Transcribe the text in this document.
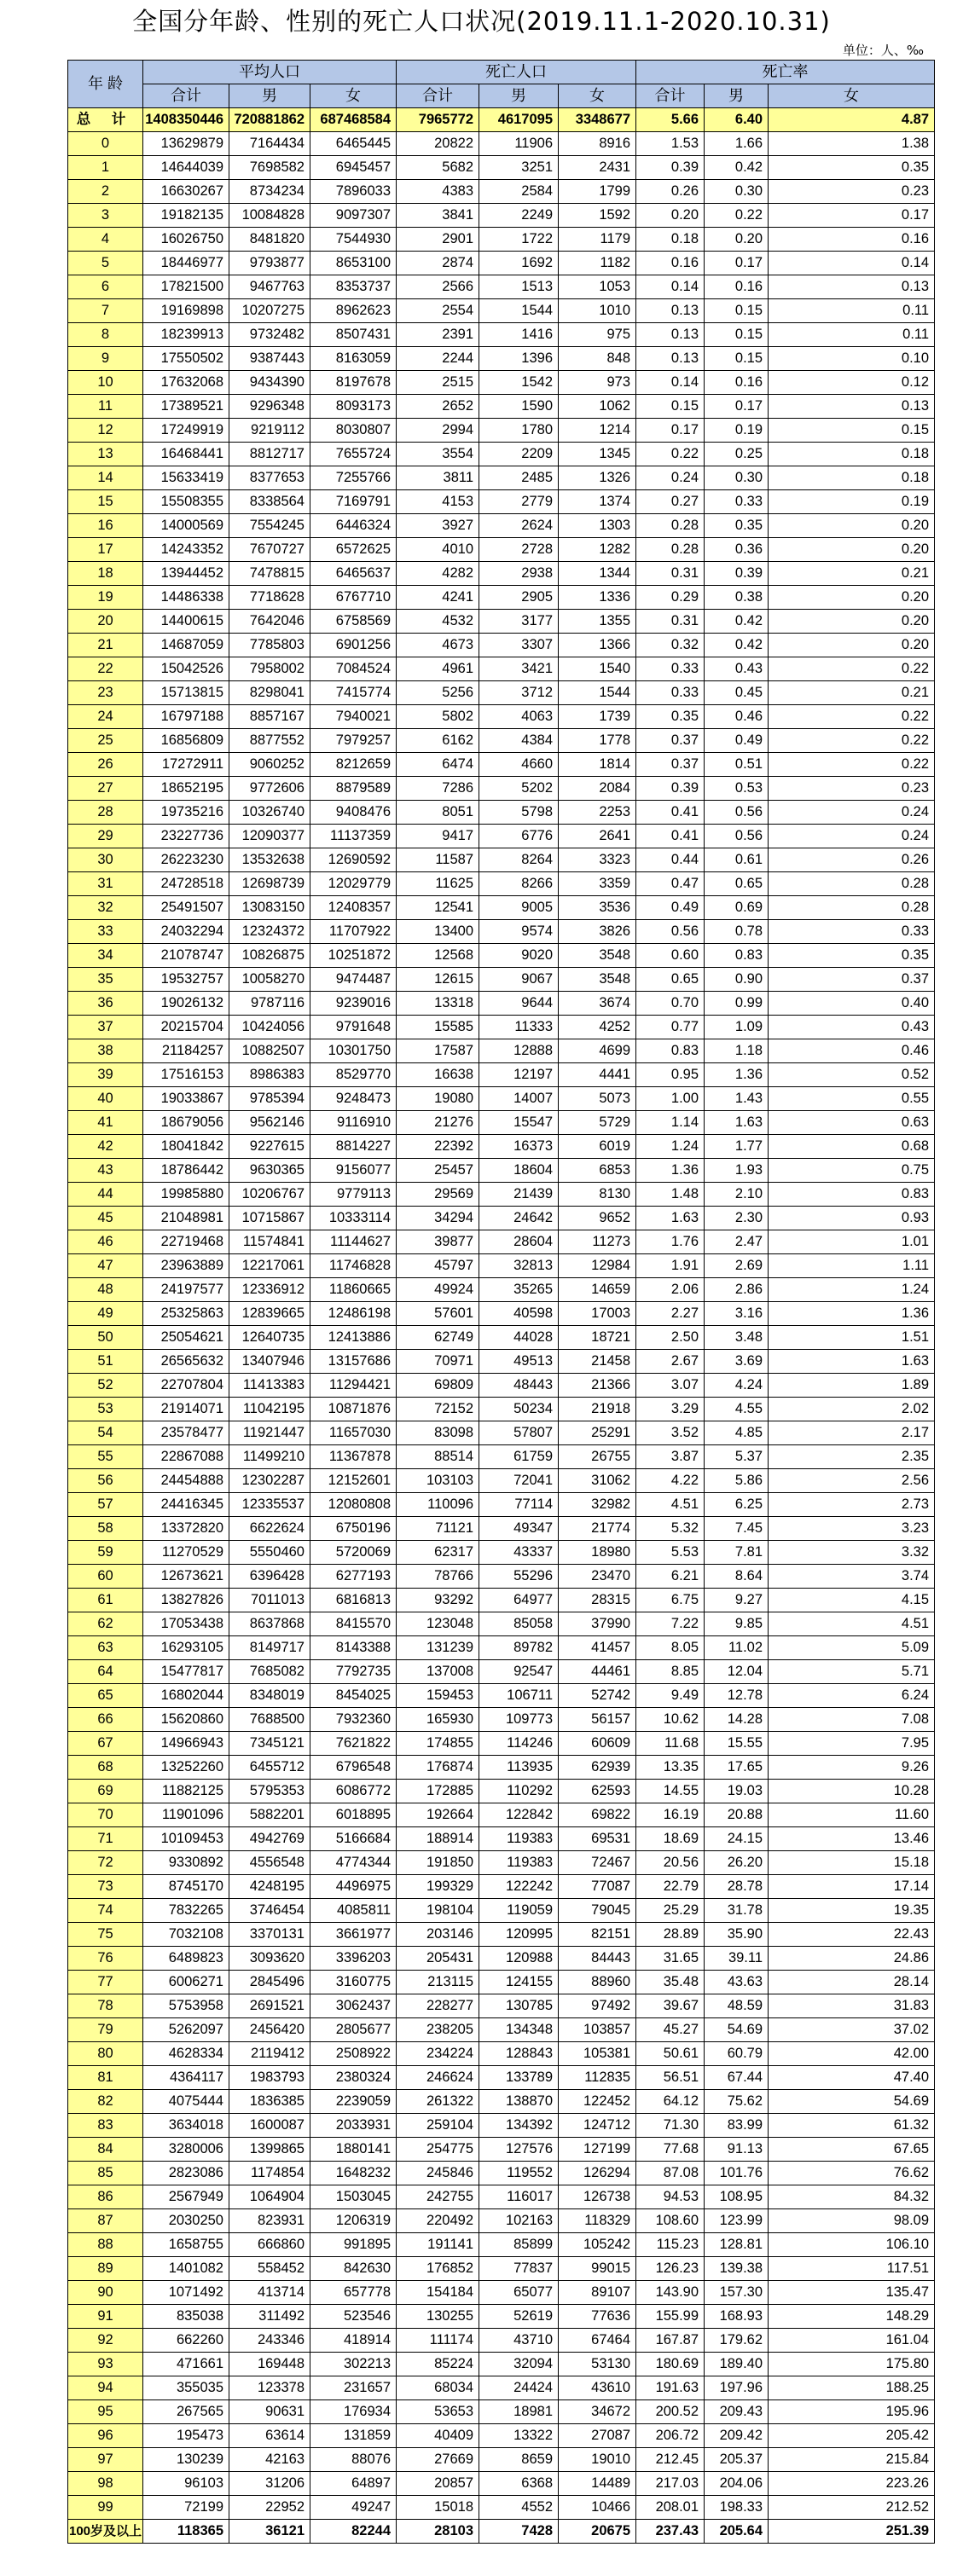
全国分年龄、性别的死亡人口状况(2019.11.1-2020.10.31)
单位：人、‰
年 龄	平均人口			死亡人口			死亡率		
	合计	男	女	合计	男	女	合计	男	女
总 计	1408350446	720881862	687468584	7965772	4617095	3348677	5.66	6.40	4.87
0	13629879	7164434	6465445	20822	11906	8916	1.53	1.66	1.38
1	14644039	7698582	6945457	5682	3251	2431	0.39	0.42	0.35
2	16630267	8734234	7896033	4383	2584	1799	0.26	0.30	0.23
3	19182135	10084828	9097307	3841	2249	1592	0.20	0.22	0.17
4	16026750	8481820	7544930	2901	1722	1179	0.18	0.20	0.16
5	18446977	9793877	8653100	2874	1692	1182	0.16	0.17	0.14
6	17821500	9467763	8353737	2566	1513	1053	0.14	0.16	0.13
7	19169898	10207275	8962623	2554	1544	1010	0.13	0.15	0.11
8	18239913	9732482	8507431	2391	1416	975	0.13	0.15	0.11
9	17550502	9387443	8163059	2244	1396	848	0.13	0.15	0.10
10	17632068	9434390	8197678	2515	1542	973	0.14	0.16	0.12
11	17389521	9296348	8093173	2652	1590	1062	0.15	0.17	0.13
12	17249919	9219112	8030807	2994	1780	1214	0.17	0.19	0.15
13	16468441	8812717	7655724	3554	2209	1345	0.22	0.25	0.18
14	15633419	8377653	7255766	3811	2485	1326	0.24	0.30	0.18
15	15508355	8338564	7169791	4153	2779	1374	0.27	0.33	0.19
16	14000569	7554245	6446324	3927	2624	1303	0.28	0.35	0.20
17	14243352	7670727	6572625	4010	2728	1282	0.28	0.36	0.20
18	13944452	7478815	6465637	4282	2938	1344	0.31	0.39	0.21
19	14486338	7718628	6767710	4241	2905	1336	0.29	0.38	0.20
20	14400615	7642046	6758569	4532	3177	1355	0.31	0.42	0.20
21	14687059	7785803	6901256	4673	3307	1366	0.32	0.42	0.20
22	15042526	7958002	7084524	4961	3421	1540	0.33	0.43	0.22
23	15713815	8298041	7415774	5256	3712	1544	0.33	0.45	0.21
24	16797188	8857167	7940021	5802	4063	1739	0.35	0.46	0.22
25	16856809	8877552	7979257	6162	4384	1778	0.37	0.49	0.22
26	17272911	9060252	8212659	6474	4660	1814	0.37	0.51	0.22
27	18652195	9772606	8879589	7286	5202	2084	0.39	0.53	0.23
28	19735216	10326740	9408476	8051	5798	2253	0.41	0.56	0.24
29	23227736	12090377	11137359	9417	6776	2641	0.41	0.56	0.24
30	26223230	13532638	12690592	11587	8264	3323	0.44	0.61	0.26
31	24728518	12698739	12029779	11625	8266	3359	0.47	0.65	0.28
32	25491507	13083150	12408357	12541	9005	3536	0.49	0.69	0.28
33	24032294	12324372	11707922	13400	9574	3826	0.56	0.78	0.33
34	21078747	10826875	10251872	12568	9020	3548	0.60	0.83	0.35
35	19532757	10058270	9474487	12615	9067	3548	0.65	0.90	0.37
36	19026132	9787116	9239016	13318	9644	3674	0.70	0.99	0.40
37	20215704	10424056	9791648	15585	11333	4252	0.77	1.09	0.43
38	21184257	10882507	10301750	17587	12888	4699	0.83	1.18	0.46
39	17516153	8986383	8529770	16638	12197	4441	0.95	1.36	0.52
40	19033867	9785394	9248473	19080	14007	5073	1.00	1.43	0.55
41	18679056	9562146	9116910	21276	15547	5729	1.14	1.63	0.63
42	18041842	9227615	8814227	22392	16373	6019	1.24	1.77	0.68
43	18786442	9630365	9156077	25457	18604	6853	1.36	1.93	0.75
44	19985880	10206767	9779113	29569	21439	8130	1.48	2.10	0.83
45	21048981	10715867	10333114	34294	24642	9652	1.63	2.30	0.93
46	22719468	11574841	11144627	39877	28604	11273	1.76	2.47	1.01
47	23963889	12217061	11746828	45797	32813	12984	1.91	2.69	1.11
48	24197577	12336912	11860665	49924	35265	14659	2.06	2.86	1.24
49	25325863	12839665	12486198	57601	40598	17003	2.27	3.16	1.36
50	25054621	12640735	12413886	62749	44028	18721	2.50	3.48	1.51
51	26565632	13407946	13157686	70971	49513	21458	2.67	3.69	1.63
52	22707804	11413383	11294421	69809	48443	21366	3.07	4.24	1.89
53	21914071	11042195	10871876	72152	50234	21918	3.29	4.55	2.02
54	23578477	11921447	11657030	83098	57807	25291	3.52	4.85	2.17
55	22867088	11499210	11367878	88514	61759	26755	3.87	5.37	2.35
56	24454888	12302287	12152601	103103	72041	31062	4.22	5.86	2.56
57	24416345	12335537	12080808	110096	77114	32982	4.51	6.25	2.73
58	13372820	6622624	6750196	71121	49347	21774	5.32	7.45	3.23
59	11270529	5550460	5720069	62317	43337	18980	5.53	7.81	3.32
60	12673621	6396428	6277193	78766	55296	23470	6.21	8.64	3.74
61	13827826	7011013	6816813	93292	64977	28315	6.75	9.27	4.15
62	17053438	8637868	8415570	123048	85058	37990	7.22	9.85	4.51
63	16293105	8149717	8143388	131239	89782	41457	8.05	11.02	5.09
64	15477817	7685082	7792735	137008	92547	44461	8.85	12.04	5.71
65	16802044	8348019	8454025	159453	106711	52742	9.49	12.78	6.24
66	15620860	7688500	7932360	165930	109773	56157	10.62	14.28	7.08
67	14966943	7345121	7621822	174855	114246	60609	11.68	15.55	7.95
68	13252260	6455712	6796548	176874	113935	62939	13.35	17.65	9.26
69	11882125	5795353	6086772	172885	110292	62593	14.55	19.03	10.28
70	11901096	5882201	6018895	192664	122842	69822	16.19	20.88	11.60
71	10109453	4942769	5166684	188914	119383	69531	18.69	24.15	13.46
72	9330892	4556548	4774344	191850	119383	72467	20.56	26.20	15.18
73	8745170	4248195	4496975	199329	122242	77087	22.79	28.78	17.14
74	7832265	3746454	4085811	198104	119059	79045	25.29	31.78	19.35
75	7032108	3370131	3661977	203146	120995	82151	28.89	35.90	22.43
76	6489823	3093620	3396203	205431	120988	84443	31.65	39.11	24.86
77	6006271	2845496	3160775	213115	124155	88960	35.48	43.63	28.14
78	5753958	2691521	3062437	228277	130785	97492	39.67	48.59	31.83
79	5262097	2456420	2805677	238205	134348	103857	45.27	54.69	37.02
80	4628334	2119412	2508922	234224	128843	105381	50.61	60.79	42.00
81	4364117	1983793	2380324	246624	133789	112835	56.51	67.44	47.40
82	4075444	1836385	2239059	261322	138870	122452	64.12	75.62	54.69
83	3634018	1600087	2033931	259104	134392	124712	71.30	83.99	61.32
84	3280006	1399865	1880141	254775	127576	127199	77.68	91.13	67.65
85	2823086	1174854	1648232	245846	119552	126294	87.08	101.76	76.62
86	2567949	1064904	1503045	242755	116017	126738	94.53	108.95	84.32
87	2030250	823931	1206319	220492	102163	118329	108.60	123.99	98.09
88	1658755	666860	991895	191141	85899	105242	115.23	128.81	106.10
89	1401082	558452	842630	176852	77837	99015	126.23	139.38	117.51
90	1071492	413714	657778	154184	65077	89107	143.90	157.30	135.47
91	835038	311492	523546	130255	52619	77636	155.99	168.93	148.29
92	662260	243346	418914	111174	43710	67464	167.87	179.62	161.04
93	471661	169448	302213	85224	32094	53130	180.69	189.40	175.80
94	355035	123378	231657	68034	24424	43610	191.63	197.96	188.25
95	267565	90631	176934	53653	18981	34672	200.52	209.43	195.96
96	195473	63614	131859	40409	13322	27087	206.72	209.42	205.42
97	130239	42163	88076	27669	8659	19010	212.45	205.37	215.84
98	96103	31206	64897	20857	6368	14489	217.03	204.06	223.26
99	72199	22952	49247	15018	4552	10466	208.01	198.33	212.52
100岁及以上	118365	36121	82244	28103	7428	20675	237.43	205.64	251.39
